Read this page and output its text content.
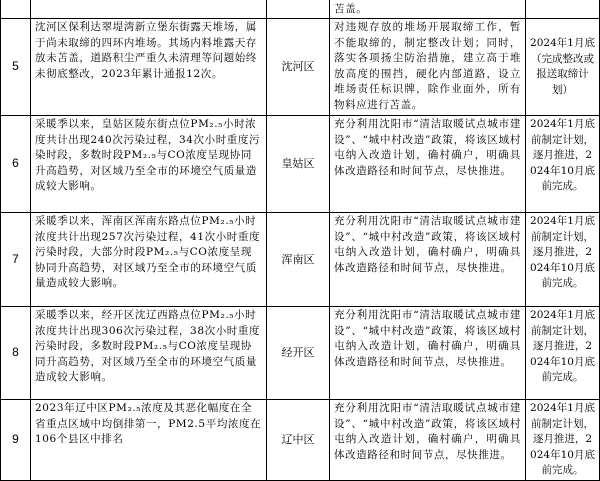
			苫盖。	
5	沈河区保利达翠堤湾新立堡东街露天堆场，属于尚未取缔的四环内堆场。其场内料堆露天存放未苫盖，道路积尘严重久未清理等问题始终未彻底整改，2023年累计通报12次。	沈河区	对违规存放的堆场开展取缔工作，暂不能取缔的，制定整改计划；同时，落实各项扬尘防治措施，建立高于堆放高度的围挡，硬化内部道路，设立堆场责任标识牌，除作业面外，所有物料应进行苫盖。	2024年1月底（完成整改或报送取缔计划）
6	采暖季以来，皇姑区陵东街点位PM₂.₅小时浓度共计出现240次污染过程，34次小时重度污染时段，多数时段PM₂.₅与CO浓度呈现协同升高趋势，对区域乃至全市的环境空气质量造成较大影响。	皇姑区	充分利用沈阳市“清洁取暖试点城市建设”、“城中村改造”政策，将该区域村屯纳入改造计划，确村确户，明确具体改造路径和时间节点，尽快推进。	2024年1月底前制定计划，逐月推进，2024年10月底前完成。
7	采暖季以来，浑南区浑南东路点位PM₂.₅小时浓度共计出现257次污染过程，41次小时重度污染时段，大部分时段PM₂.₅与CO浓度呈现协同升高趋势，对区域乃至全市的环境空气质量造成较大影响。	浑南区	充分利用沈阳市“清洁取暖试点城市建设”、“城中村改造”政策，将该区域村屯纳入改造计划，确村确户，明确具体改造路径和时间节点，尽快推进。	2024年1月底前制定计划，逐月推进，2024年10月底前完成。
8	采暖季以来，经开区沈辽西路点位PM₂.₅小时浓度共计出现306次污染过程，38次小时重度污染时段，多数时段PM₂.₅与CO浓度呈现协同升高趋势，对区域乃至全市的环境空气质量造成较大影响。	经开区	充分利用沈阳市“清洁取暖试点城市建设”、“城中村改造”政策，将该区域村屯纳入改造计划，确村确户，明确具体改造路径和时间节点，尽快推进。	2024年1月底前制定计划，逐月推进，2024年10月底前完成。
9	2023年辽中区PM₂.₅浓度及其恶化幅度在全省重点区域中均倒排第一，PM2.5平均浓度在106个县区中排名	辽中区	充分利用沈阳市“清洁取暖试点城市建设”、“城中村改造”政策，将该区域村屯纳入改造计划，确村确户，明确具体改造路径和时间节点，尽快推进。	2024年1月底前制定计划，逐月推进，2024年10月底前完成。
